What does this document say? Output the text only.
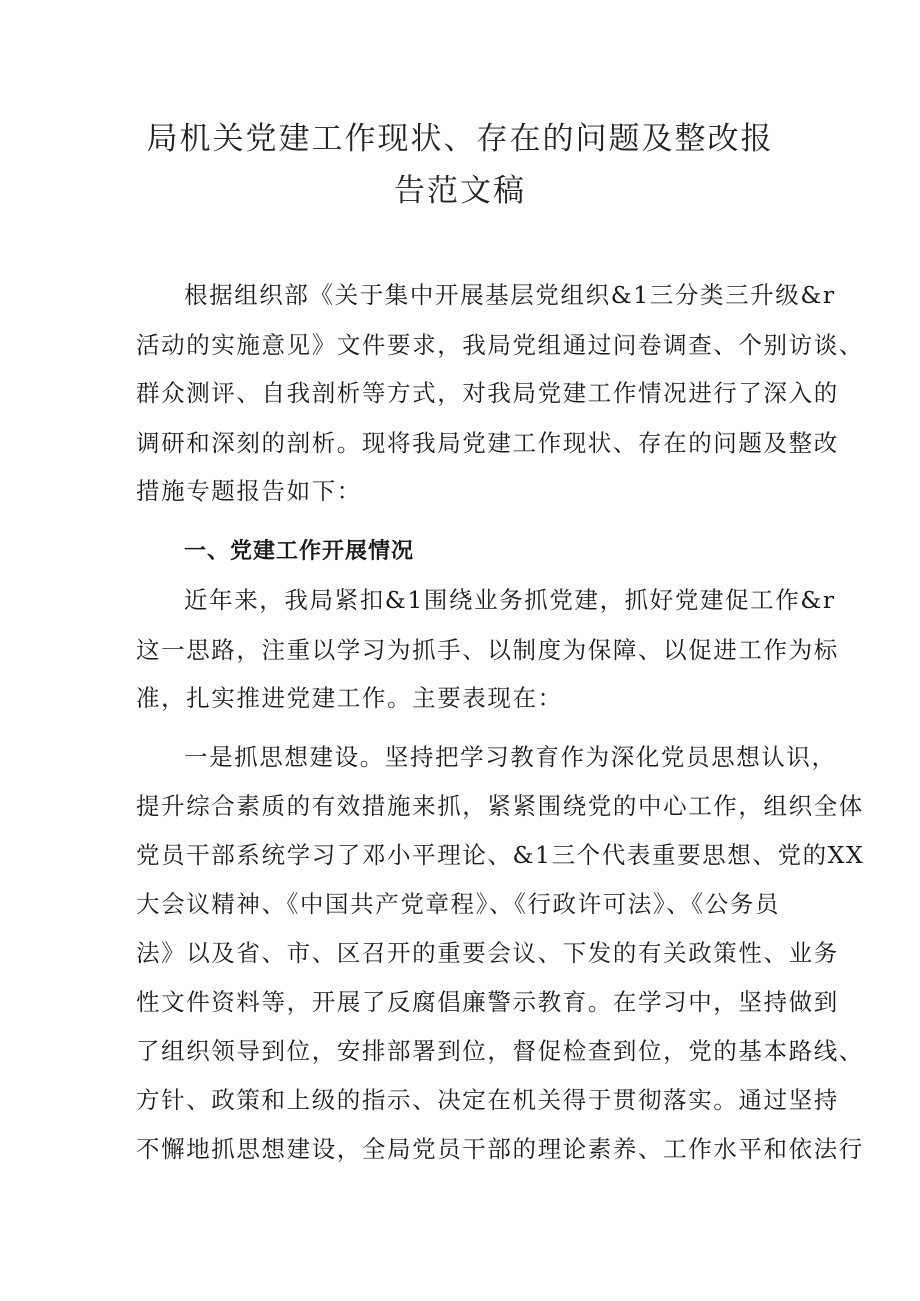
局机关党建工作现状、存在的问题及整改报
告范文稿
根据组织部《关于集中开展基层党组织&1三分类三升级&r
活动的实施意见》文件要求，我局党组通过问卷调查、个别访谈、
群众测评、自我剖析等方式，对我局党建工作情况进行了深入的
调研和深刻的剖析。现将我局党建工作现状、存在的问题及整改
措施专题报告如下：
一、党建工作开展情况
近年来，我局紧扣&1围绕业务抓党建，抓好党建促工作&r
这一思路，注重以学习为抓手、以制度为保障、以促进工作为标
准，扎实推进党建工作。主要表现在：
一是抓思想建设。坚持把学习教育作为深化党员思想认识，
提升综合素质的有效措施来抓，紧紧围绕党的中心工作，组织全体
党员干部系统学习了邓小平理论、&1三个代表重要思想、党的XX
大会议精神、《中国共产党章程》、《行政许可法》、《公务员
法》以及省、市、区召开的重要会议、下发的有关政策性、业务
性文件资料等，开展了反腐倡廉警示教育。在学习中，坚持做到
了组织领导到位，安排部署到位，督促检查到位，党的基本路线、
方针、政策和上级的指示、决定在机关得于贯彻落实。通过坚持
不懈地抓思想建设，全局党员干部的理论素养、工作水平和依法行
